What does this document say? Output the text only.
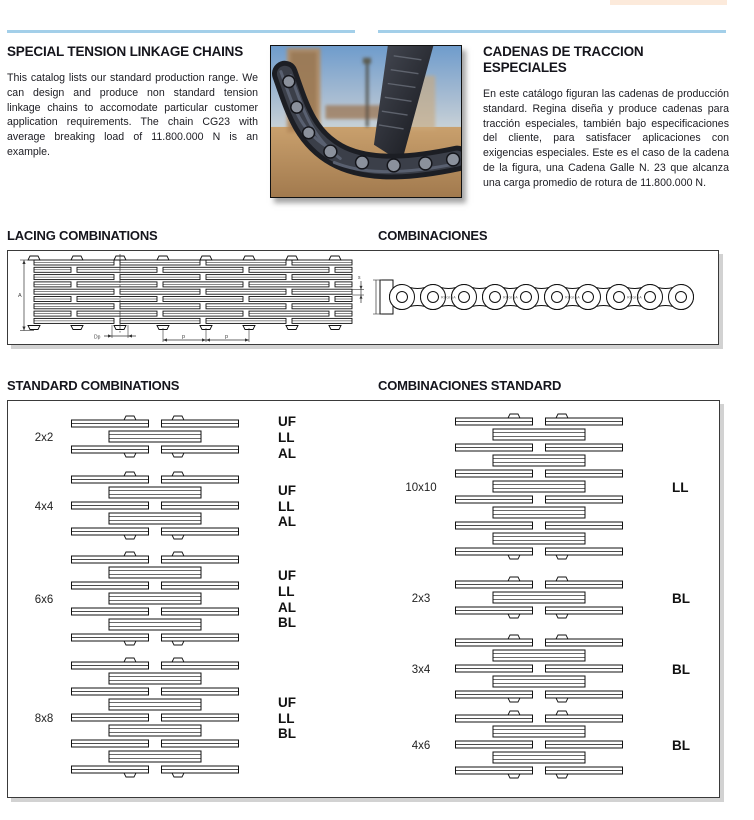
SPECIAL TENSION LINKAGE CHAINS
This catalog lists our standard production range. We can design and produce non standard tension linkage chains to accomodate particular customer application requirements. The chain CG23 with average breaking load of 11.800.000 N is an example.
CADENAS DE TRACCION ESPECIALES
En este catálogo figuran las cadenas de producción standard. Regina diseña y produce cadenas para tracción especiales, también bajo especificaciones del cliente, para satisfacer aplicaciones con exigencias especiales. Este es el caso de la cadena de la figura, una Cadena Galle N. 23 que alcanza una carga promedio de rotura de 11.800.000 N.
LACING COMBINATIONS	COMBINACIONES
A
Dp	p	p
s
REGINA	REGINA	REGINA	REGINA
STANDARD COMBINATIONS	COMBINACIONES STANDARD
2x2
UF
LL
AL
4x4
UF
LL
AL
6x6
UF
LL
AL
BL
8x8
UF
LL
BL
10x10	LL
2x3	BL
3x4	BL
4x6	BL
